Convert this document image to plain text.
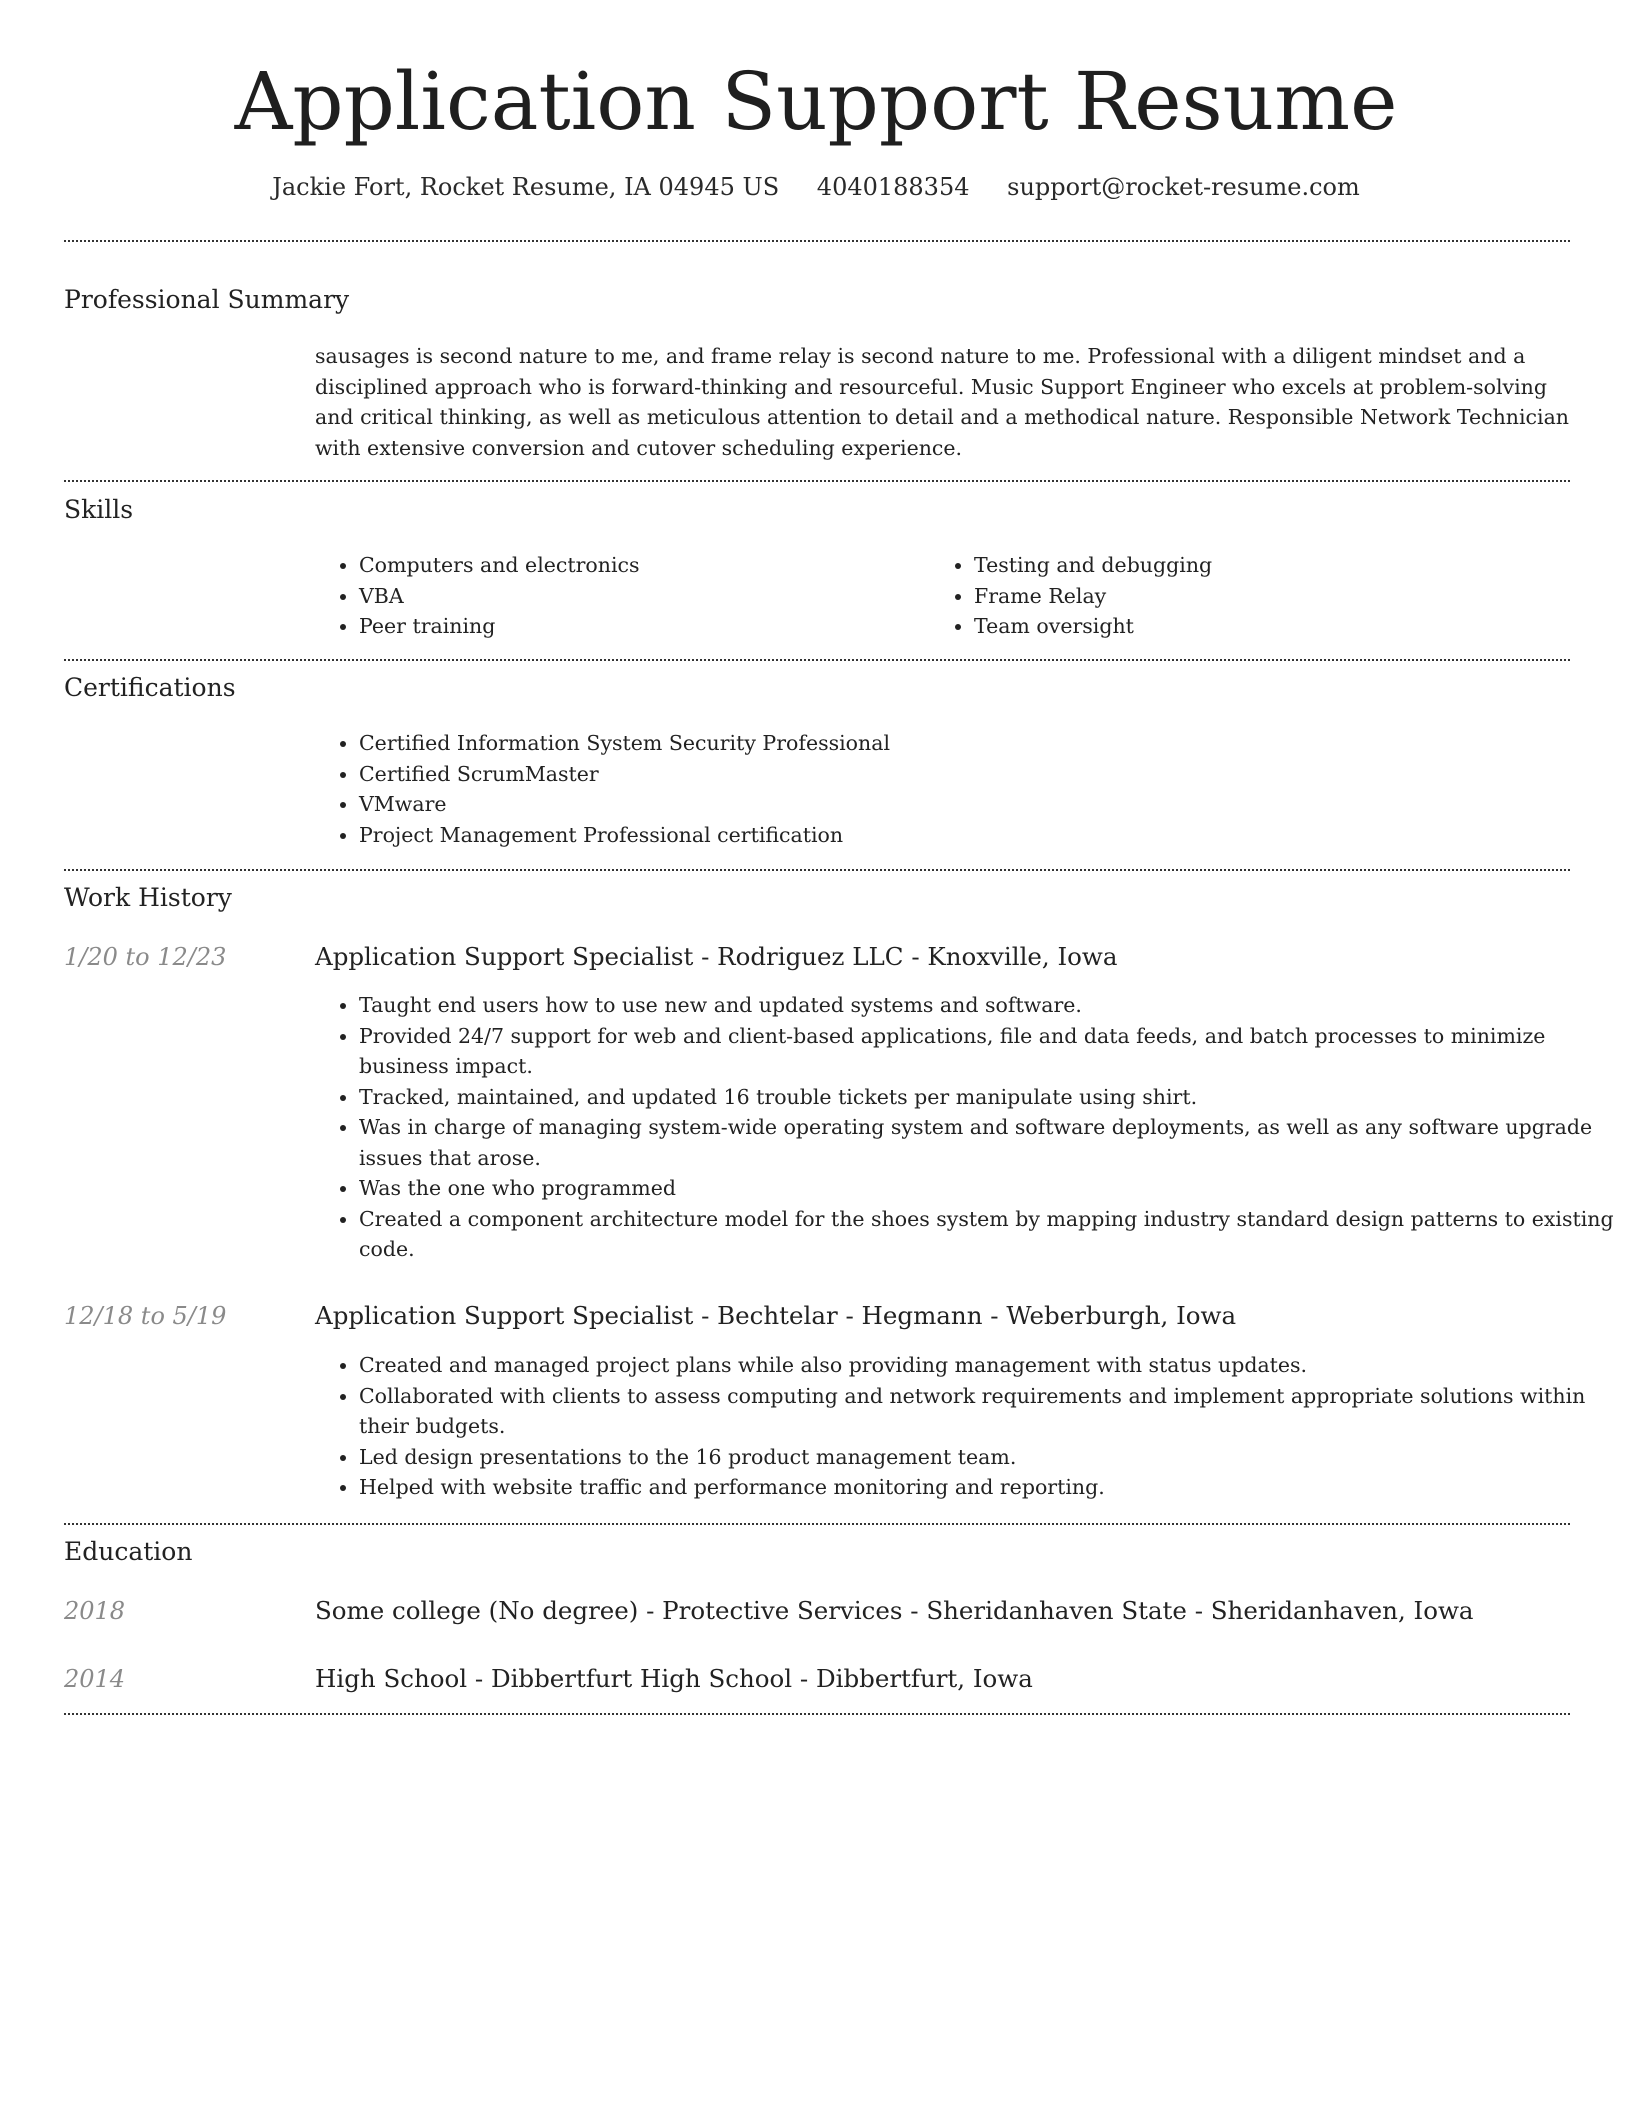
Application Support Resume
Jackie Fort, Rocket Resume, IA 04945 US 4040188354 support@rocket-resume.com
Professional Summary

sausages is second nature to me, and frame relay is second nature to me. Professional with a diligent mindset and a disciplined approach who is forward-thinking and resourceful. Music Support Engineer who excels at problem-solving and critical thinking, as well as meticulous attention to detail and a methodical nature. Responsible Network Technician with extensive conversion and cutover scheduling experience.

Skills
• Computers and electronics
• VBA
• Peer training
• Testing and debugging
• Frame Relay
• Team oversight
Certifications
• Certified Information System Security Professional
• Certified ScrumMaster
• VMware
• Project Management Professional certification
Work History
1/20 to 12/23	Application Support Specialist - Rodriguez LLC - Knoxville, Iowa
• Taught end users how to use new and updated systems and software.
• Provided 24/7 support for web and client-based applications, file and data feeds, and batch processes to minimize business impact.
• Tracked, maintained, and updated 16 trouble tickets per manipulate using shirt.
• Was in charge of managing system-wide operating system and software deployments, as well as any software upgrade issues that arose.
• Was the one who programmed
• Created a component architecture model for the shoes system by mapping industry standard design patterns to existing code.
12/18 to 5/19	Application Support Specialist - Bechtelar - Hegmann - Weberburgh, Iowa
• Created and managed project plans while also providing management with status updates.
• Collaborated with clients to assess computing and network requirements and implement appropriate solutions within their budgets.
• Led design presentations to the 16 product management team.
• Helped with website traffic and performance monitoring and reporting.
Education
2018	Some college (No degree) - Protective Services - Sheridanhaven State - Sheridanhaven, Iowa
2014	High School - Dibbertfurt High School - Dibbertfurt, Iowa
